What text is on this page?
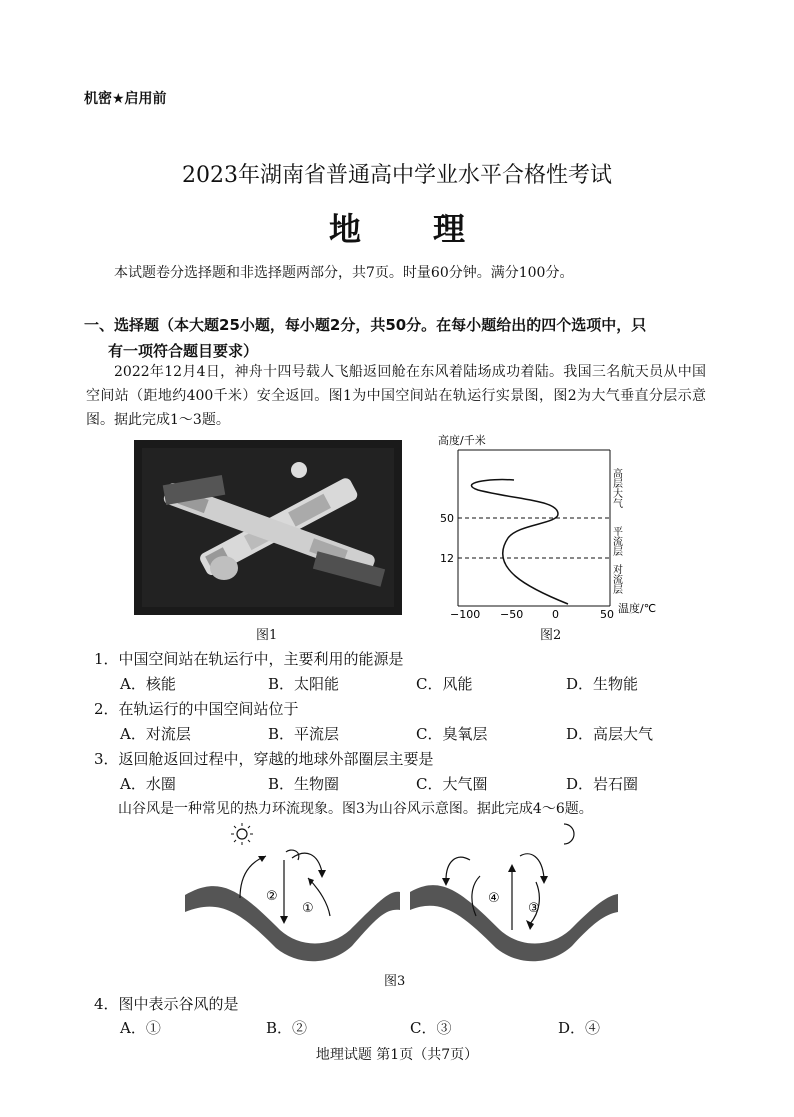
机密★启用前
2023年湖南省普通高中学业水平合格性考试
地 理
本试题卷分选择题和非选择题两部分，共7页。时量60分钟。满分100分。
一、选择题（本大题25小题，每小题2分，共50分。在每小题给出的四个选项中，只
有一项符合题目要求）
2022年12月4日，神舟十四号载人飞船返回舱在东风着陆场成功着陆。我国三名航天员从中国空间站（距地约400千米）安全返回。图1为中国空间站在轨运行实景图，图2为大气垂直分层示意图。据此完成1～3题。
图1
高度/千米
50
12
−100 −50	0	50 温度/℃
高层大气
平流层
对流层
图2
1．中国空间站在轨运行中，主要利用的能源是
A．核能	B．太阳能	C．风能	D．生物能
2．在轨运行的中国空间站位于
A．对流层	B．平流层	C．臭氧层	D．高层大气
3．返回舱返回过程中，穿越的地球外部圈层主要是
A．水圈	B．生物圈	C．大气圈	D．岩石圈
山谷风是一种常见的热力环流现象。图3为山谷风示意图。据此完成4～6题。
②
①
④
③
图3
4．图中表示谷风的是
A．①	B．②	C．③	D．④
地理试题 第1页（共7页）
